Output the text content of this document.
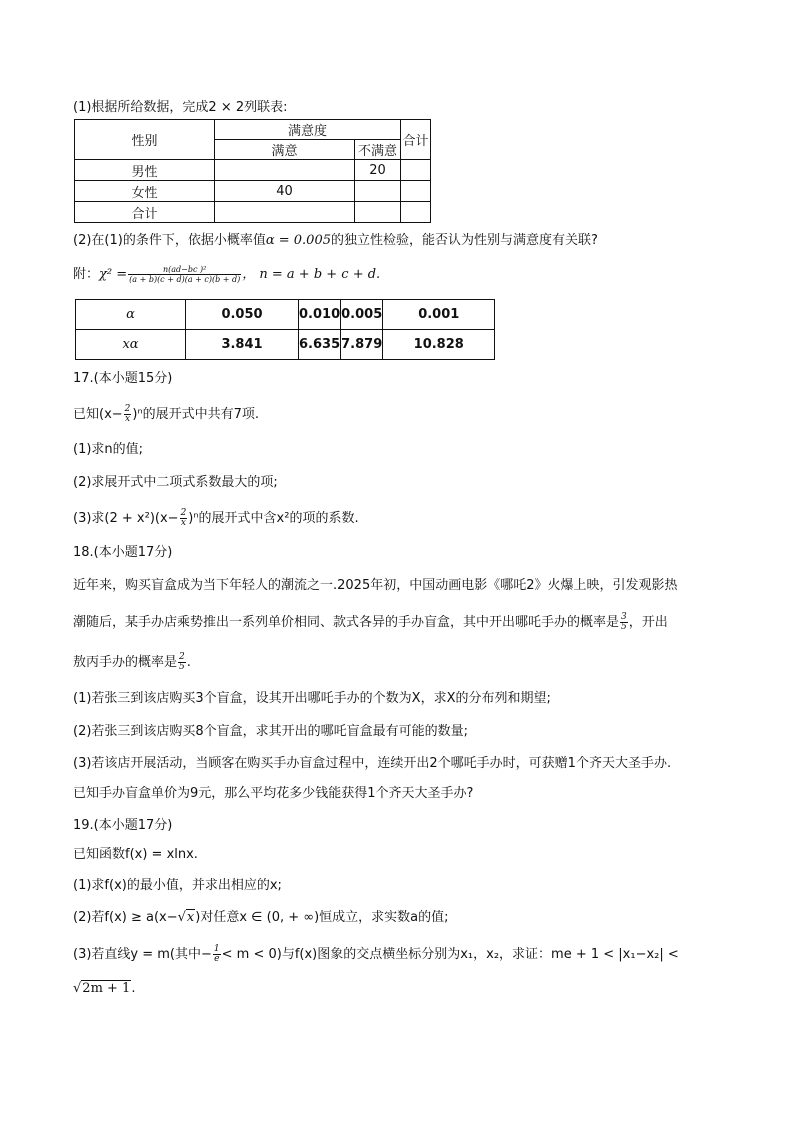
(1)根据所给数据，完成2 × 2列联表:
性别	满意度		合计
	满意	不满意	
男性		20	
女性	40		
合计			
(2)在(1)的条件下，依据小概率值α = 0.005的独立性检验，能否认为性别与满意度有关联?
附：$\chi^2 = \frac{\text{n(ad−bc )²}}{(a + b)(c + d)(a + c)(b + d)}$ ， n = a + b + c + d.
α	0.050	0.010	0.005	0.001
xα	3.841	6.635	7.879	10.828
17.(本小题15分)
已知$(x- \frac{2}{x} )^n$的展开式中共有7项.
(1)求n的值;
(2)求展开式中二项式系数最大的项;
(3)求$(2 + x^2)(x- \frac{2}{x} )^n$的展开式中含x²的项的系数.
18.(本小题17分)
近年来，购买盲盒成为当下年轻人的潮流之一.2025年初，中国动画电影《哪吒2》火爆上映，引发观影热
潮随后，某手办店乘势推出一系列单价相同、款式各异的手办盲盒，其中开出哪吒手办的概率是 $\frac{3}{5}$ ，开出
敖丙手办的概率是 $\frac{2}{5}$ .
(1)若张三到该店购买3个盲盒，设其开出哪吒手办的个数为X，求X的分布列和期望;
(2)若张三到该店购买8个盲盒，求其开出的哪吒盲盒最有可能的数量;
(3)若该店开展活动，当顾客在购买手办盲盒过程中，连续开出2个哪吒手办时，可获赠1个齐天大圣手办.
已知手办盲盒单价为9元，那么平均花多少钱能获得1个齐天大圣手办?
19.(本小题17分)
已知函数f(x) = xlnx.
(1)求f(x)的最小值，并求出相应的x;
(2)若f(x) ≥ a(x−√x)对任意x ∈ (0, + ∞)恒成立，求实数a的值;
(3)若直线y = m(其中− $\frac{1}{e} < m < 0$)与f(x)图象的交点横坐标分别为x₁，x₂，求证：me + 1 < |x₁−x₂| <
√2m + 1.
